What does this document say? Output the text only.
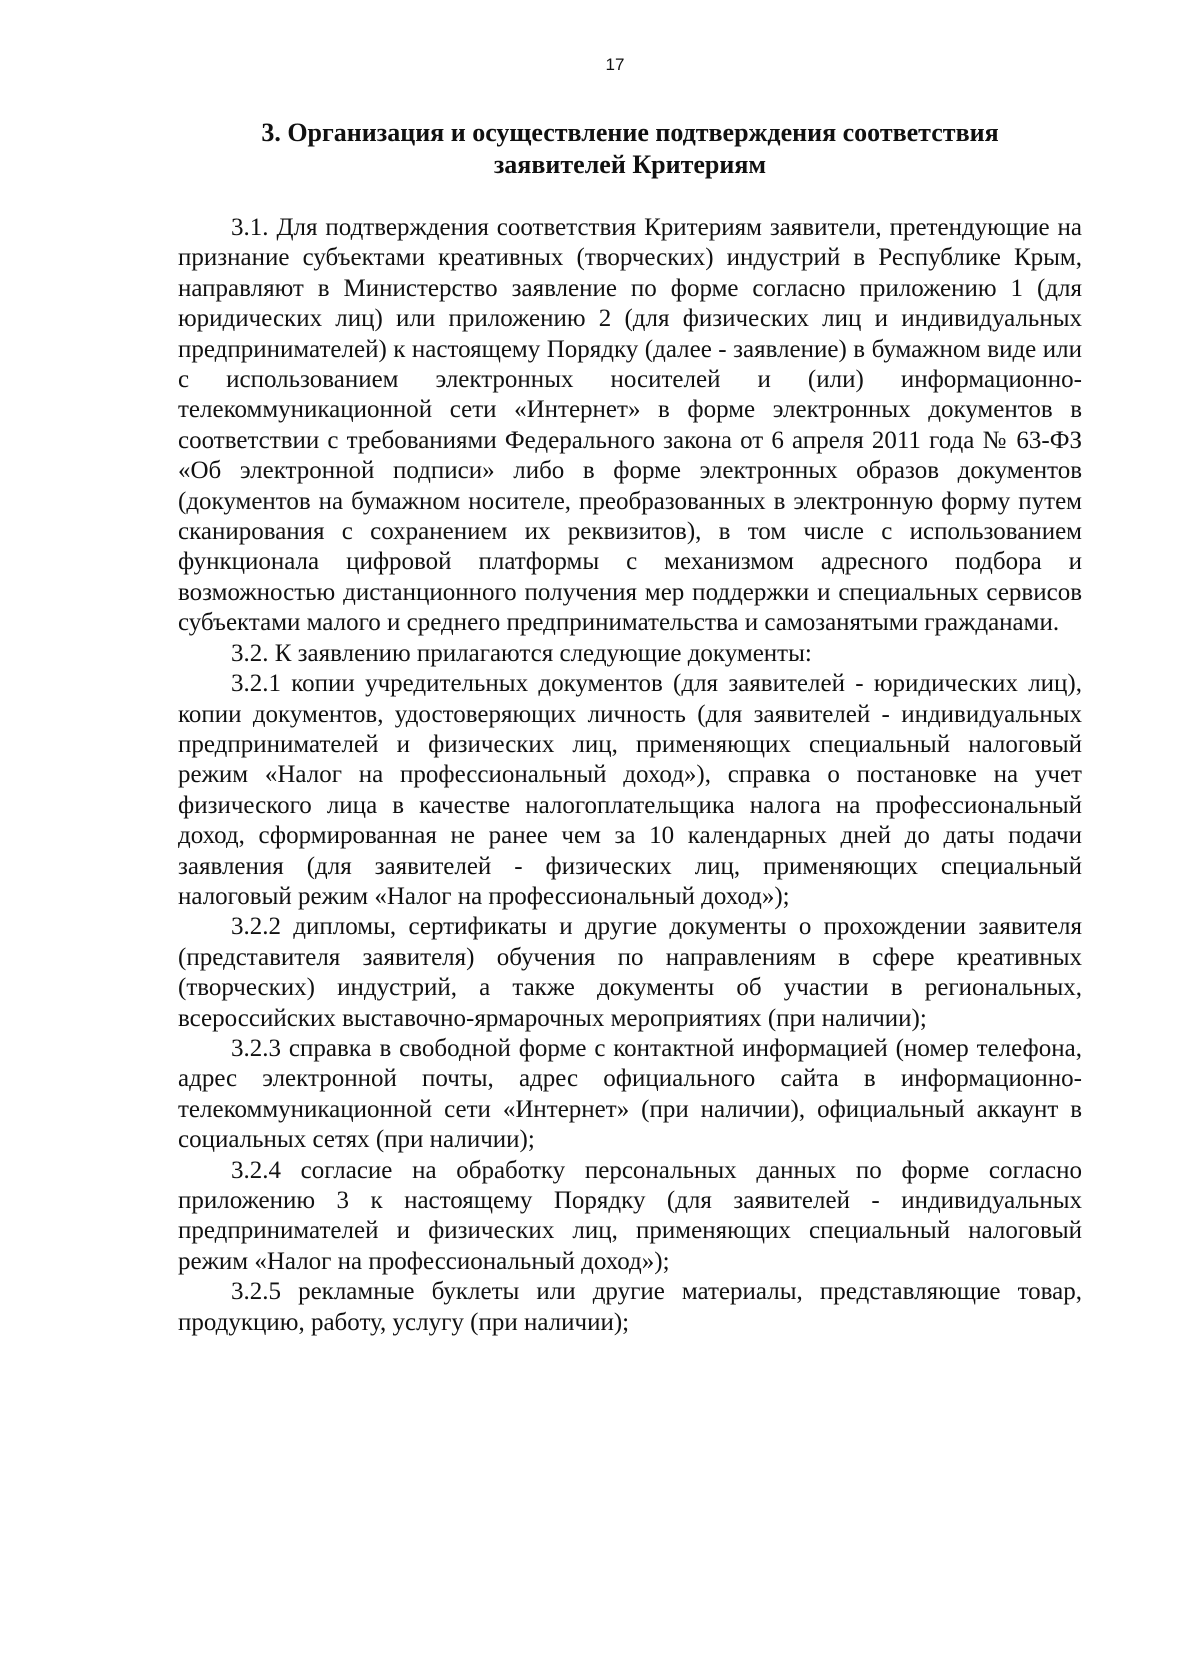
17
3. Организация и осуществление подтверждения соответствия
заявителей Критериям

3.1. Для подтверждения соответствия Критериям заявители, претендующие на признание субъектами креативных (творческих) индустрий в Республике Крым, направляют в Министерство заявление по форме согласно приложению 1 (для юридических лиц) или приложению 2 (для физических лиц и индивидуальных предпринимателей) к настоящему Порядку (далее - заявление) в бумажном виде или с использованием электронных носителей и (или) информационно-телекоммуникационной сети «Интернет» в форме электронных документов в соответствии с требованиями Федерального закона от 6 апреля 2011 года № 63-ФЗ «Об электронной подписи» либо в форме электронных образов документов (документов на бумажном носителе, преобразованных в электронную форму путем сканирования с сохранением их реквизитов), в том числе с использованием функционала цифровой платформы с механизмом адресного подбора и возможностью дистанционного получения мер поддержки и специальных сервисов субъектами малого и среднего предпринимательства и самозанятыми гражданами.

3.2. К заявлению прилагаются следующие документы:

3.2.1 копии учредительных документов (для заявителей - юридических лиц), копии документов, удостоверяющих личность (для заявителей - индивидуальных предпринимателей и физических лиц, применяющих специальный налоговый режим «Налог на профессиональный доход»), справка о постановке на учет физического лица в качестве налогоплательщика налога на профессиональный доход, сформированная не ранее чем за 10 календарных дней до даты подачи заявления (для заявителей - физических лиц, применяющих специальный налоговый режим «Налог на профессиональный доход»);

3.2.2 дипломы, сертификаты и другие документы о прохождении заявителя (представителя заявителя) обучения по направлениям в сфере креативных (творческих) индустрий, а также документы об участии в региональных, всероссийских выставочно-ярмарочных мероприятиях (при наличии);

3.2.3 справка в свободной форме с контактной информацией (номер телефона, адрес электронной почты, адрес официального сайта в информационно-телекоммуникационной сети «Интернет» (при наличии), официальный аккаунт в социальных сетях (при наличии);

3.2.4 согласие на обработку персональных данных по форме согласно приложению 3 к настоящему Порядку (для заявителей - индивидуальных предпринимателей и физических лиц, применяющих специальный налоговый режим «Налог на профессиональный доход»);

3.2.5 рекламные буклеты или другие материалы, представляющие товар, продукцию, работу, услугу (при наличии);
